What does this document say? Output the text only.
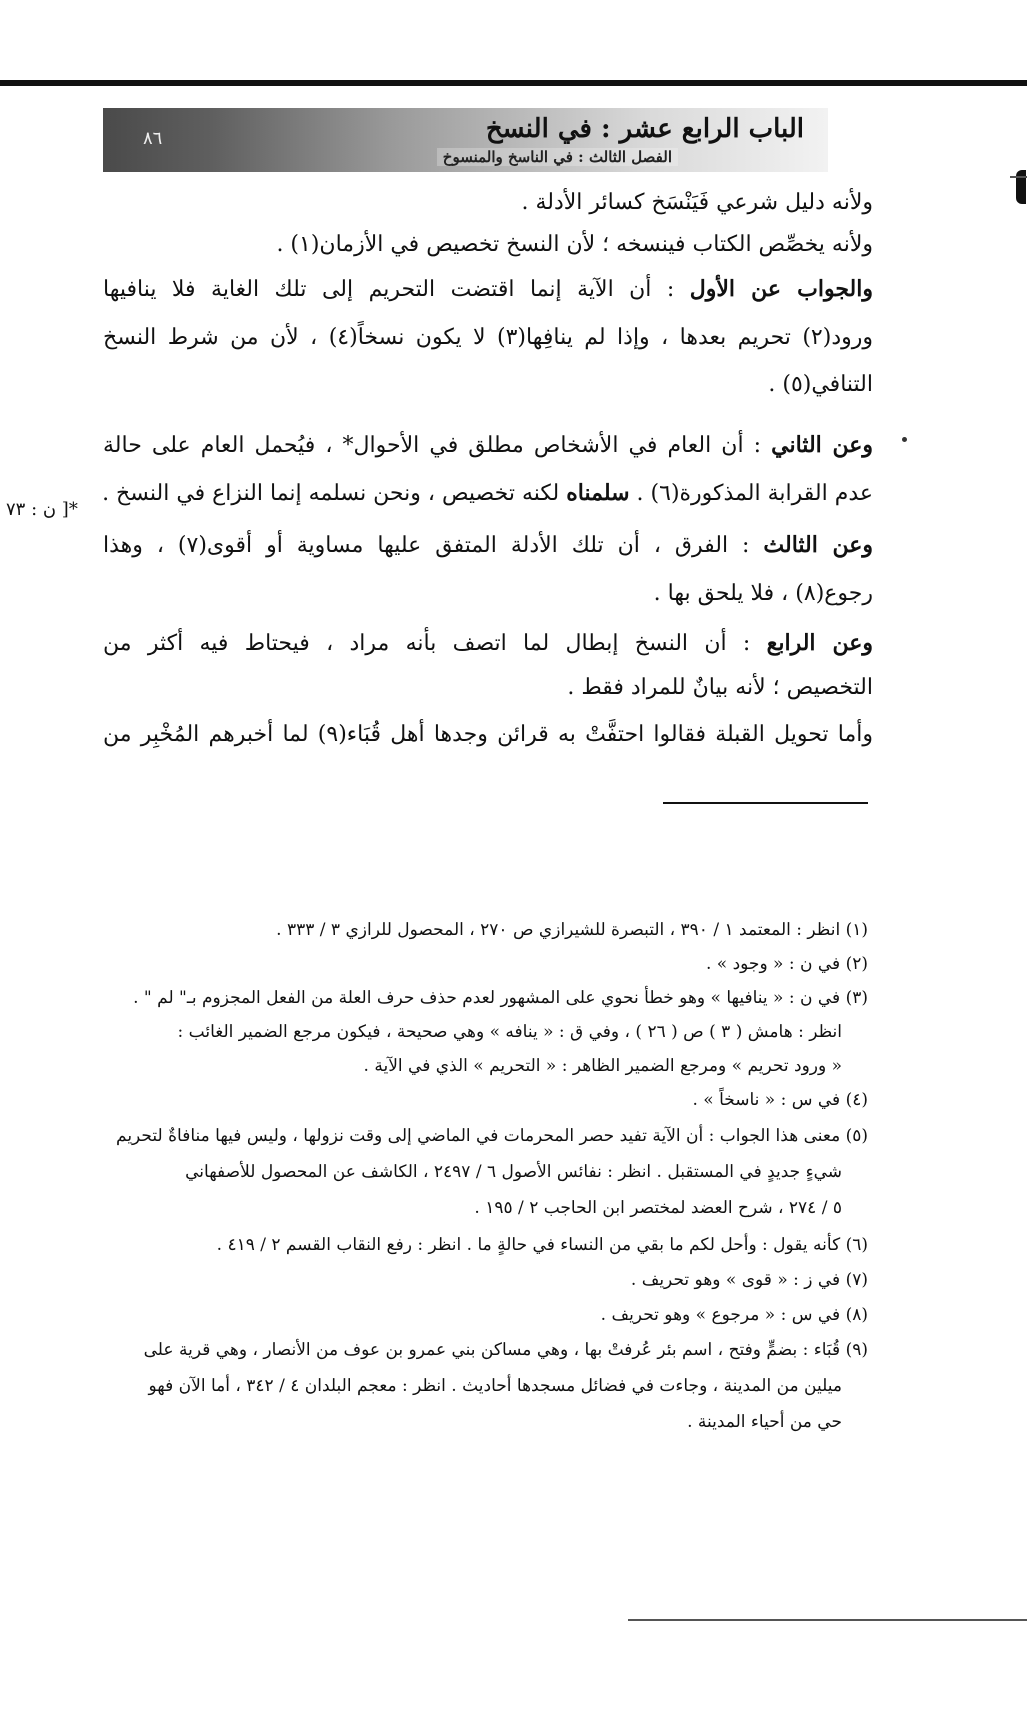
الباب الرابع عشر : في النسخ
الفصل الثالث : في الناسخ والمنسوخ
٨٦
ولأنه دليل شرعي فَيَنْسَخ كسائر الأدلة .
ولأنه يخصِّص الكتاب فينسخه ؛ لأن النسخ تخصيص في الأزمان(١) .
والجواب عن الأول : أن الآية إنما اقتضت التحريم إلى تلك الغاية فلا ينافيها
ورود(٢) تحريم بعدها ، وإذا لم ينافِها(٣) لا يكون نسخاً(٤) ، لأن من شرط النسخ
التنافي(٥) .
وعن الثاني : أن العام في الأشخاص مطلق في الأحوال* ، فيُحمل العام على حالة
عدم القرابة المذكورة(٦) . سلمناه لكنه تخصيص ، ونحن نسلمه إنما النزاع في النسخ .
وعن الثالث : الفرق ، أن تلك الأدلة المتفق عليها مساوية أو أقوى(٧) ، وهذا
رجوع(٨) ، فلا يلحق بها .
وعن الرابع : أن النسخ إبطال لما اتصف بأنه مراد ، فيحتاط فيه أكثر من
التخصيص ؛ لأنه بيانٌ للمراد فقط .
وأما تحويل القبلة فقالوا احتفَّتْ به قرائن وجدها أهل قُبَاء(٩) لما أخبرهم المُخْبِر من
*[ ن : ٧٣
(١) انظر : المعتمد ١ / ٣٩٠ ، التبصرة للشيرازي ص ٢٧٠ ، المحصول للرازي ٣ / ٣٣٣ .
(٢) في ن : « وجود » .
(٣) في ن : « ينافيها » وهو خطأ نحوي على المشهور لعدم حذف حرف العلة من الفعل المجزوم بـ" لم " .
انظر : هامش ( ٣ ) ص ( ٢٦ ) ، وفي ق : « ينافه » وهي صحيحة ، فيكون مرجع الضمير الغائب :
« ورود تحريم » ومرجع الضمير الظاهر : « التحريم » الذي في الآية .
(٤) في س : « ناسخاً » .
(٥) معنى هذا الجواب : أن الآية تفيد حصر المحرمات في الماضي إلى وقت نزولها ، وليس فيها منافاةٌ لتحريم
شيءٍ جديدٍ في المستقبل . انظر : نفائس الأصول ٦ / ٢٤٩٧ ، الكاشف عن المحصول للأصفهاني
٥ / ٢٧٤ ، شرح العضد لمختصر ابن الحاجب ٢ / ١٩٥ .
(٦) كأنه يقول : وأحل لكم ما بقي من النساء في حالةٍ ما . انظر : رفع النقاب القسم ٢ / ٤١٩ .
(٧) في ز : « قوى » وهو تحريف .
(٨) في س : « مرجوع » وهو تحريف .
(٩) قُبَاء : بضمٍّ وفتح ، اسم بئر عُرفتْ بها ، وهي مساكن بني عمرو بن عوف من الأنصار ، وهي قرية على
ميلين من المدينة ، وجاءت في فضائل مسجدها أحاديث . انظر : معجم البلدان ٤ / ٣٤٢ ، أما الآن فهو
حي من أحياء المدينة .
